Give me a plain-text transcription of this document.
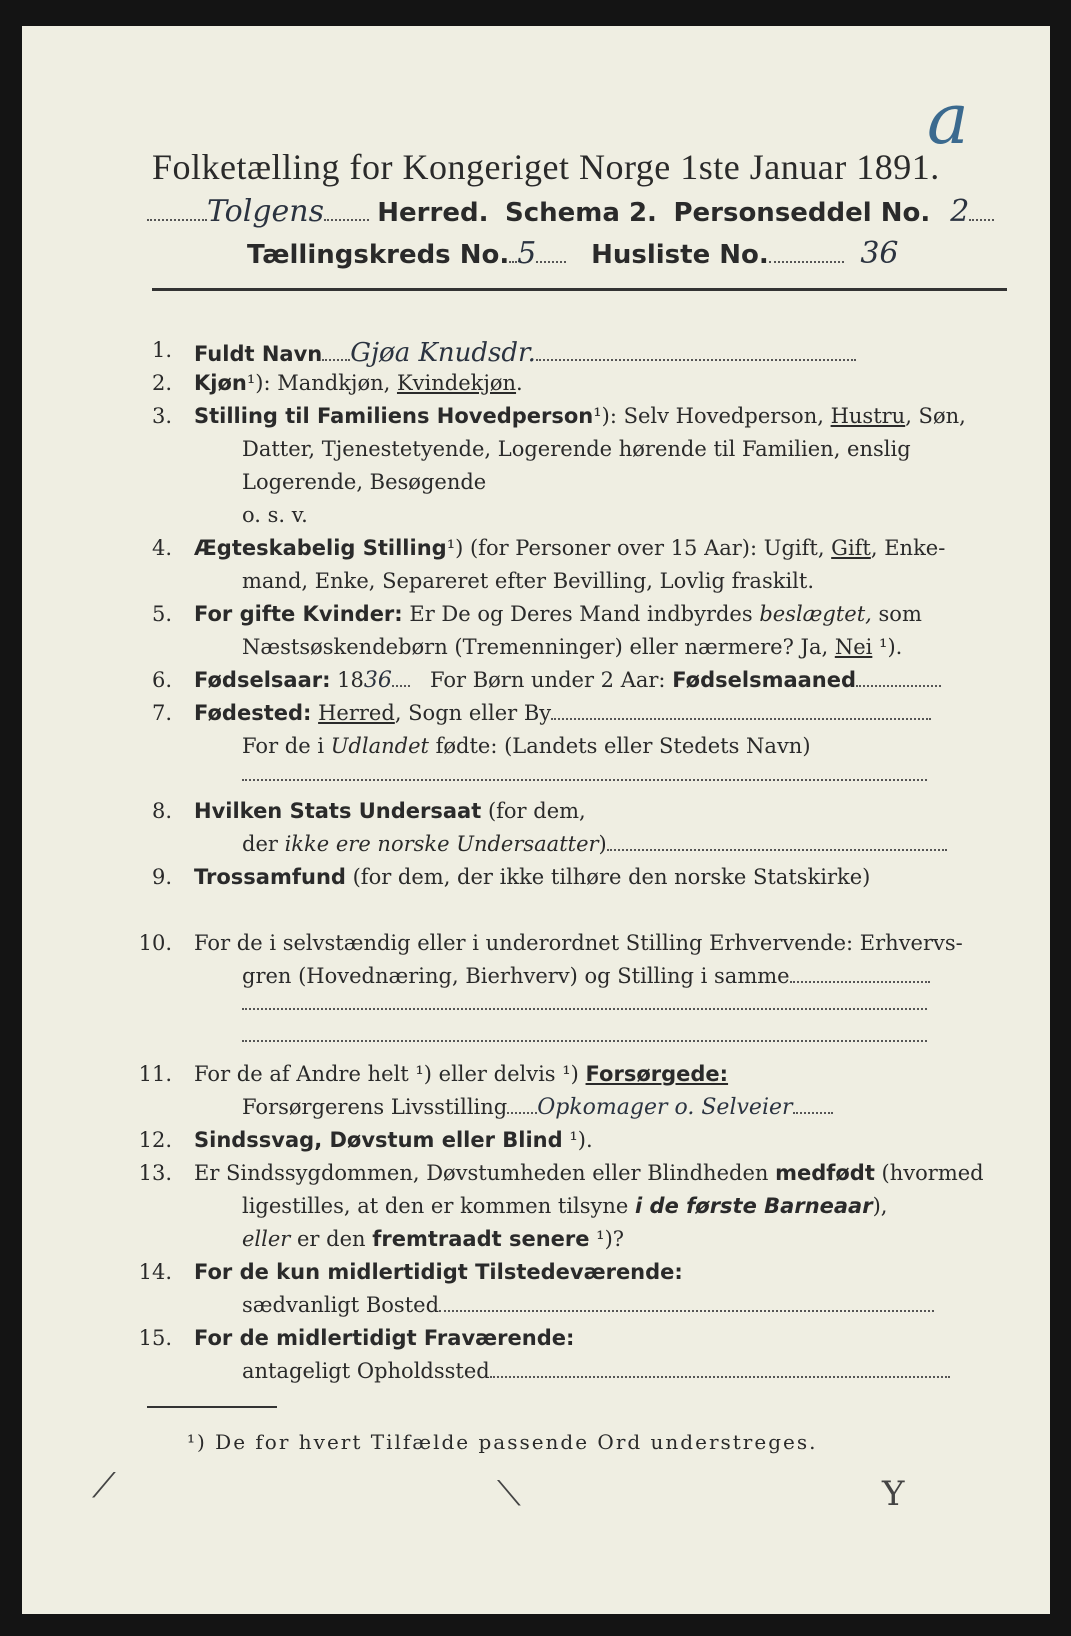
a
Folketælling for Kongeriget Norge 1ste Januar 1891.
Tolgens Herred. Schema 2. Personseddel No. 2
Tællingskreds No. 5 Husliste No.	36
1. Fuldt Navn Gjøa Knudsdr.
2. Kjøn¹): Mandkjøn, Kvindekjøn.
3. Stilling til Familiens Hovedperson¹): Selv Hovedperson, Hustru, Søn,
Datter, Tjenestetyende, Logerende hørende til Familien, enslig
Logerende, Besøgende
o. s. v.
4. Ægteskabelig Stilling¹) (for Personer over 15 Aar): Ugift, Gift, Enke-
mand, Enke, Separeret efter Bevilling, Lovlig fraskilt.
5. For gifte Kvinder: Er De og Deres Mand indbyrdes beslægtet, som
Næstsøskendebørn (Tremenninger) eller nærmere? Ja, Nei ¹).
6. Fødselsaar: 1836 For Børn under 2 Aar: Fødselsmaaned
7. Fødested: Herred, Sogn eller By
For de i Udlandet fødte: (Landets eller Stedets Navn)
8. Hvilken Stats Undersaat (for dem,
der ikke ere norske Undersaatter)
9. Trossamfund (for dem, der ikke tilhøre den norske Statskirke)
10. For de i selvstændig eller i underordnet Stilling Erhvervende: Erhvervs-
gren (Hovednæring, Bierhverv) og Stilling i samme
11. For de af Andre helt ¹) eller delvis ¹) Forsørgede:
Forsørgerens Livsstilling Opkomager o. Selveier
12. Sindssvag, Døvstum eller Blind ¹).
13. Er Sindssygdommen, Døvstumheden eller Blindheden medfødt (hvormed
ligestilles, at den er kommen tilsyne i de første Barneaar),
eller er den fremtraadt senere ¹)?
14. For de kun midlertidigt Tilstedeværende:
sædvanligt Bosted
15. For de midlertidigt Fraværende:
antageligt Opholdssted
¹) De for hvert Tilfælde passende Ord understreges.
⟋	⟍	Y
